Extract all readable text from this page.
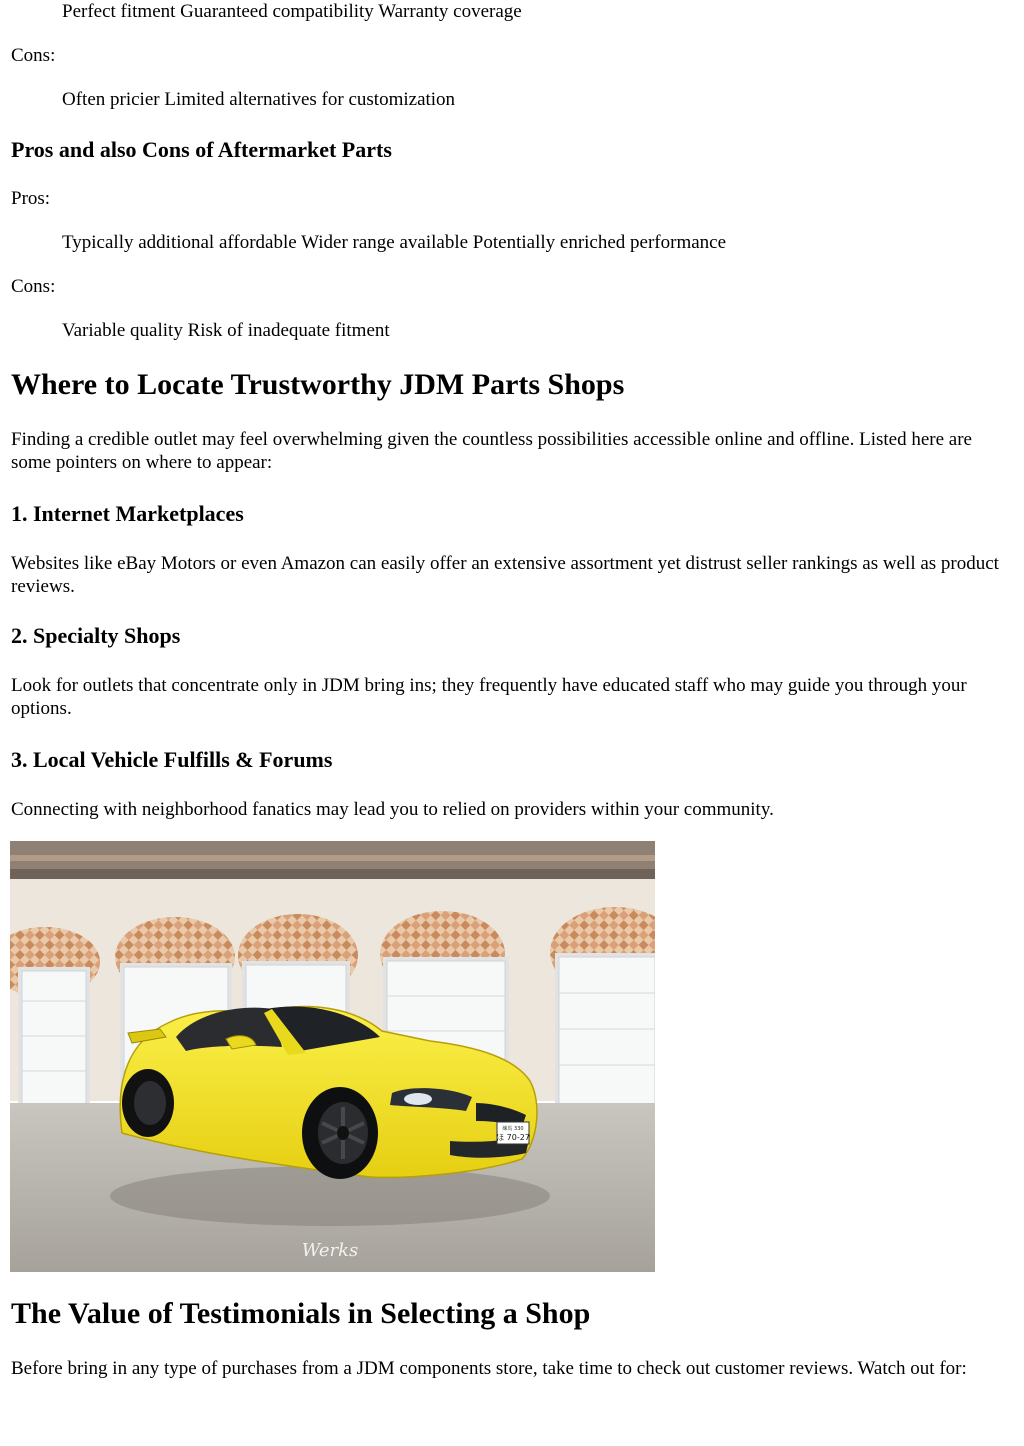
Perfect fitment Guaranteed compatibility Warranty coverage

Cons:

Often pricier Limited alternatives for customization

Pros and also Cons of Aftermarket Parts

Pros:

Typically additional affordable Wider range available Potentially enriched performance

Cons:

Variable quality Risk of inadequate fitment

Where to Locate Trustworthy JDM Parts Shops

Finding a credible outlet may feel overwhelming given the countless possibilities accessible online and offline. Listed here are some pointers on where to appear:

1. Internet Marketplaces

Websites like eBay Motors or even Amazon can easily offer an extensive assortment yet distrust seller rankings as well as product reviews.

2. Specialty Shops

Look for outlets that concentrate only in JDM bring ins; they frequently have educated staff who may guide you through your options.

3. Local Vehicle Fulfills & Forums

Connecting with neighborhood fanatics may lead you to relied on providers within your community.

練馬 330
ほ 70-27
Werks
The Value of Testimonials in Selecting a Shop

Before bring in any type of purchases from a JDM components store, take time to check out customer reviews. Watch out for:
